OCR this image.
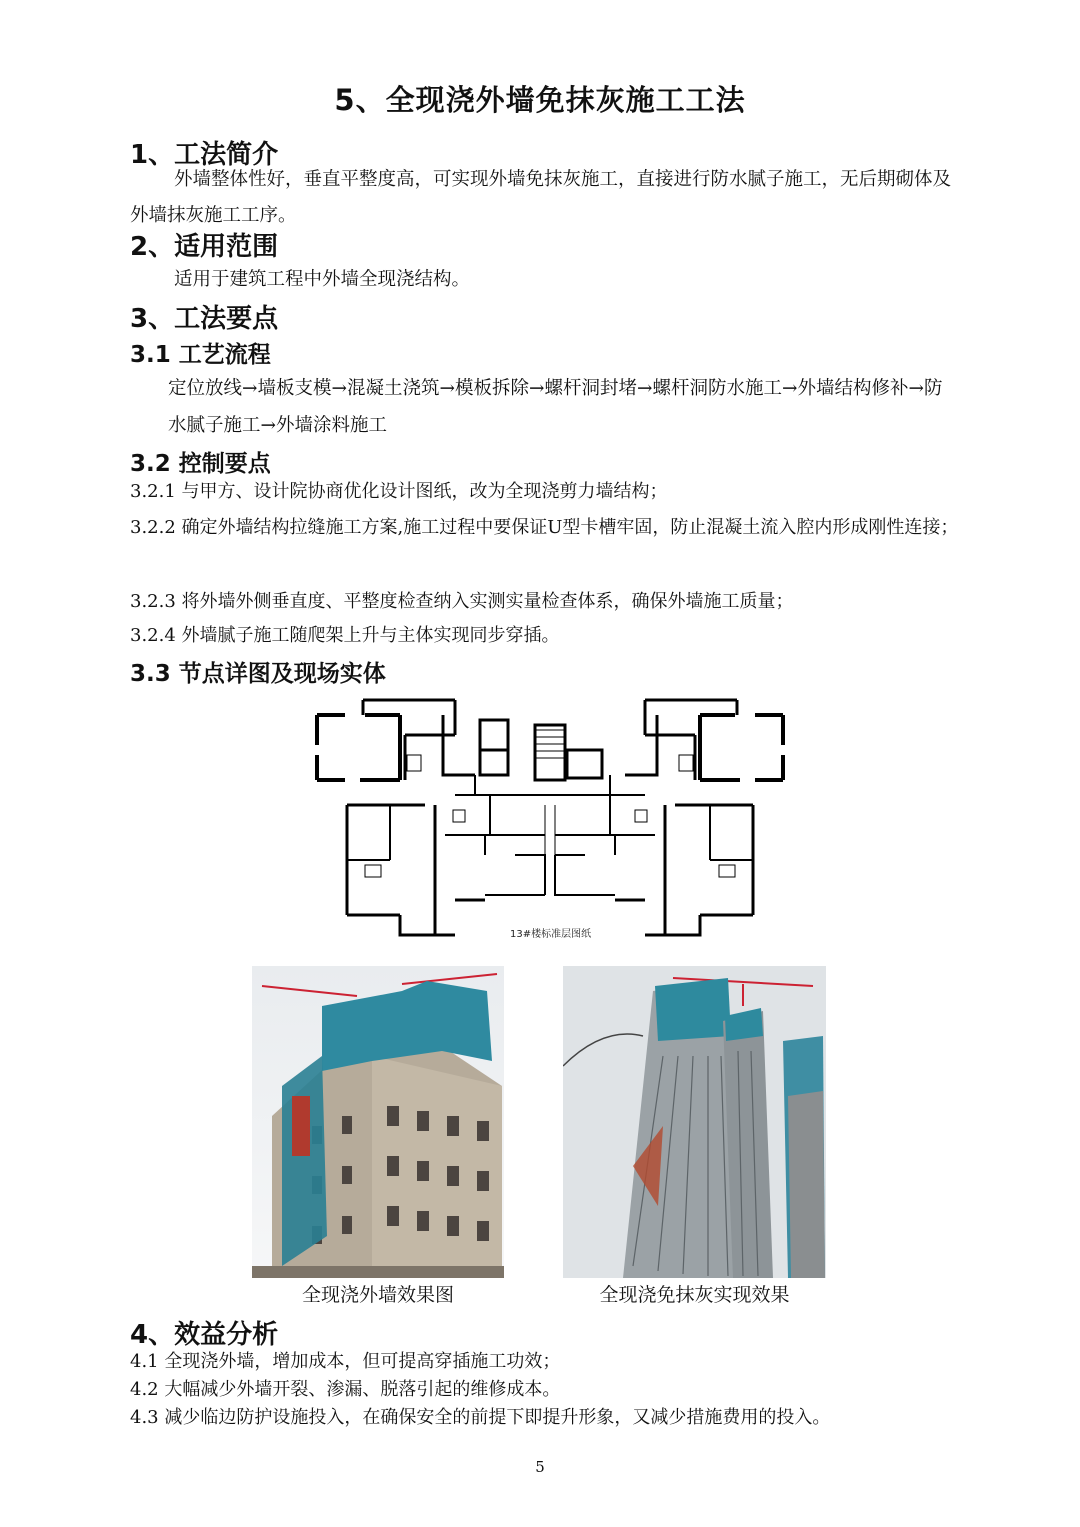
5、全现浇外墙免抹灰施工工法
1、工法简介
外墙整体性好，垂直平整度高，可实现外墙免抹灰施工，直接进行防水腻子施工，无后期砌体及外墙抹灰施工工序。
2、适用范围
适用于建筑工程中外墙全现浇结构。
3、工法要点
3.1 工艺流程
定位放线→墙板支模→混凝土浇筑→模板拆除→螺杆洞封堵→螺杆洞防水施工→外墙结构修补→防水腻子施工→外墙涂料施工
3.2 控制要点
3.2.1 与甲方、设计院协商优化设计图纸，改为全现浇剪力墙结构；
3.2.2 确定外墙结构拉缝施工方案,施工过程中要保证U型卡槽牢固，防止混凝土流入腔内形成刚性连接；
3.2.3 将外墙外侧垂直度、平整度检查纳入实测实量检查体系，确保外墙施工质量；
3.2.4 外墙腻子施工随爬架上升与主体实现同步穿插。
3.3 节点详图及现场实体
13#楼标准层图纸
全现浇外墙效果图	全现浇免抹灰实现效果
4、效益分析
4.1 全现浇外墙，增加成本，但可提高穿插施工功效；
4.2 大幅减少外墙开裂、渗漏、脱落引起的维修成本。
4.3 减少临边防护设施投入，在确保安全的前提下即提升形象，又减少措施费用的投入。
5
